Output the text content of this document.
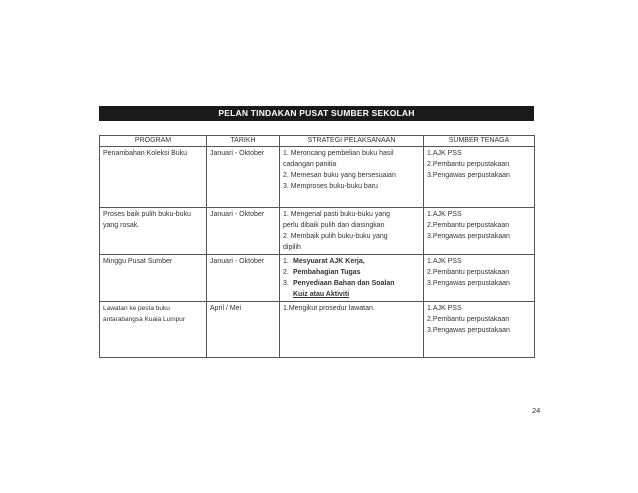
PELAN TINDAKAN PUSAT SUMBER SEKOLAH
PROGRAM	TARIKH	STRATEGI PELAKSANAAN	SUMBER TENAGA

Penambahan Koleksi Buku	Januari - Oktober	1. Meroncang pembelian buku hasil
cadangan panitia
2. Memesan buku yang bersesuaian
3. Memproses buku-buku baru	1.AJK PSS
2.Pembantu perpustakaan
3.Pengawas perpustakaan

Proses baik pulih buku-buku
yang rosak.	Januari - Oktober	1. Mengenal pasti buku-buku yang
perlu dibaik pulih dan diasingkan
2. Membaik pulih buku-buku yang
dipilih	1.AJK PSS
2.Pembantu perpustakaan
3.Pengawas perpustakaan

Minggu Pusat Sumber	Januari - Oktober	1. Mesyuarat AJK Kerja,
2. Pembahagian Tugas
3. Penyediaan Bahan dan Soalan
Kuiz atau Aktiviti	1.AJK PSS
2.Pembantu perpustakaan
3.Pengawas perpustakaan

Lawatan ke pesta buku
antarabangsa Kuala Lumpur	April / Mei	1.Mengikut prosedur lawatan.	1.AJK PSS
2.Pembantu perpustakaan
3.Pengawas perpustakaan
24
